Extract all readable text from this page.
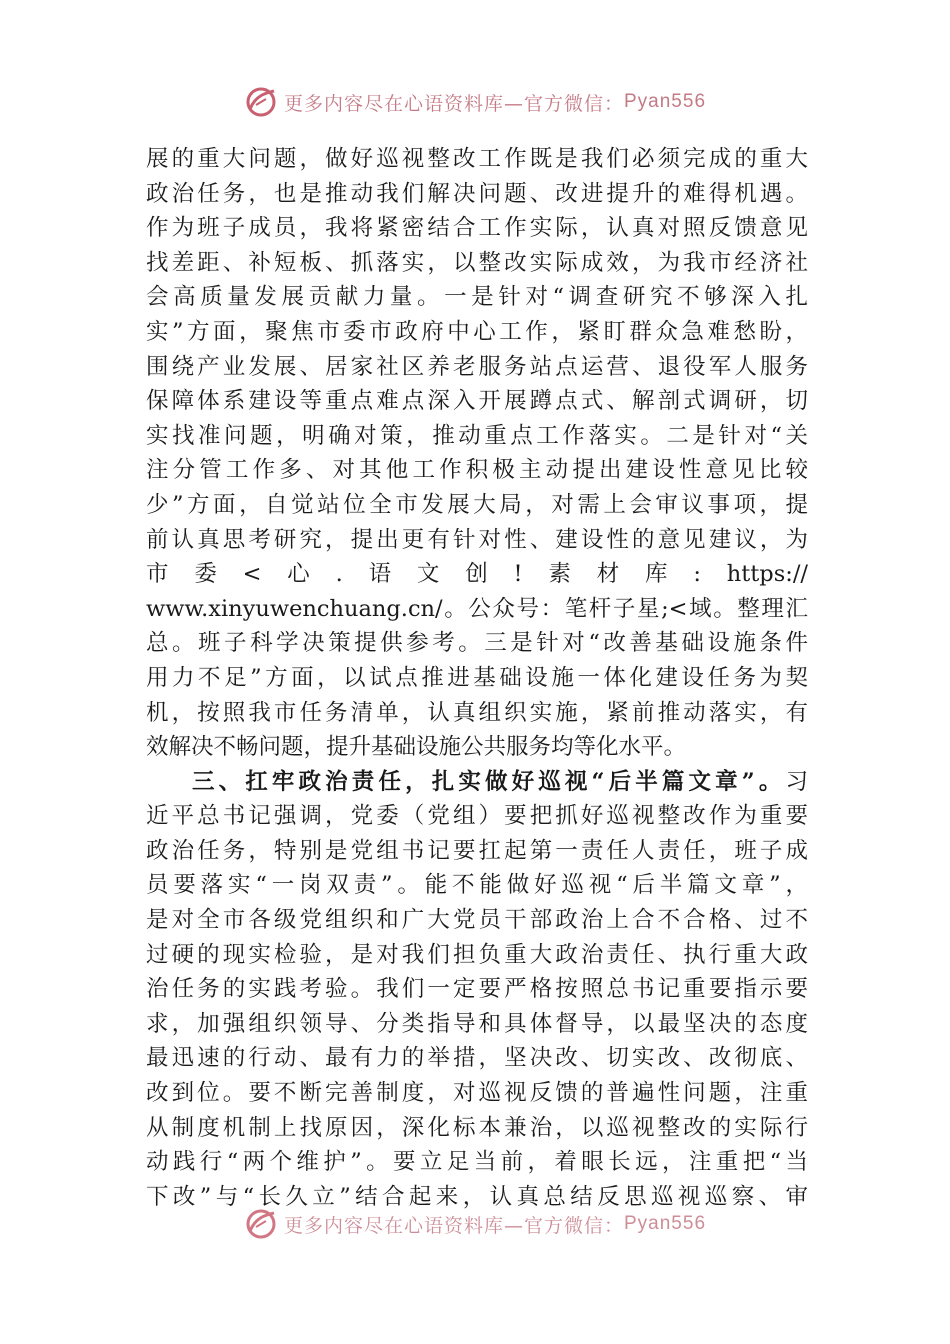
更多内容尽在心语资料库—官方微信： Pyan556
展的重大问题，做好巡视整改工作既是我们必须完成的重大
政治任务，也是推动我们解决问题、改进提升的难得机遇。
作为班子成员，我将紧密结合工作实际，认真对照反馈意见
找差距、补短板、抓落实，以整改实际成效，为我市经济社
会高质量发展贡献力量。一是针对“调查研究不够深入扎
实”方面，聚焦市委市政府中心工作，紧盯群众急难愁盼，
围绕产业发展、居家社区养老服务站点运营、退役军人服务
保障体系建设等重点难点深入开展蹲点式、解剖式调研，切
实找准问题，明确对策，推动重点工作落实。二是针对“关
注分管工作多、对其他工作积极主动提出建设性意见比较
少”方面，自觉站位全市发展大局，对需上会审议事项，提
前认真思考研究，提出更有针对性、建设性的意见建议，为
市　委　<　心　.　语　文　创　!　素　材　库　:　https://
www.xinyuwenchuang.cn/。公众号：笔杆子星;<域。整理汇
总。班子科学决策提供参考。三是针对“改善基础设施条件
用力不足”方面，以试点推进基础设施一体化建设任务为契
机，按照我市任务清单，认真组织实施，紧前推动落实，有
效解决不畅问题，提升基础设施公共服务均等化水平。
三、扛牢政治责任，扎实做好巡视“后半篇文章”。习
近平总书记强调，党委（党组）要把抓好巡视整改作为重要
政治任务，特别是党组书记要扛起第一责任人责任，班子成
员要落实“一岗双责”。能不能做好巡视“后半篇文章”，
是对全市各级党组织和广大党员干部政治上合不合格、过不
过硬的现实检验，是对我们担负重大政治责任、执行重大政
治任务的实践考验。我们一定要严格按照总书记重要指示要
求，加强组织领导、分类指导和具体督导，以最坚决的态度
最迅速的行动、最有力的举措，坚决改、切实改、改彻底、
改到位。要不断完善制度，对巡视反馈的普遍性问题，注重
从制度机制上找原因，深化标本兼治，以巡视整改的实际行
动践行“两个维护”。要立足当前，着眼长远，注重把“当
下改”与“长久立”结合起来，认真总结反思巡视巡察、审
更多内容尽在心语资料库—官方微信： Pyan556
